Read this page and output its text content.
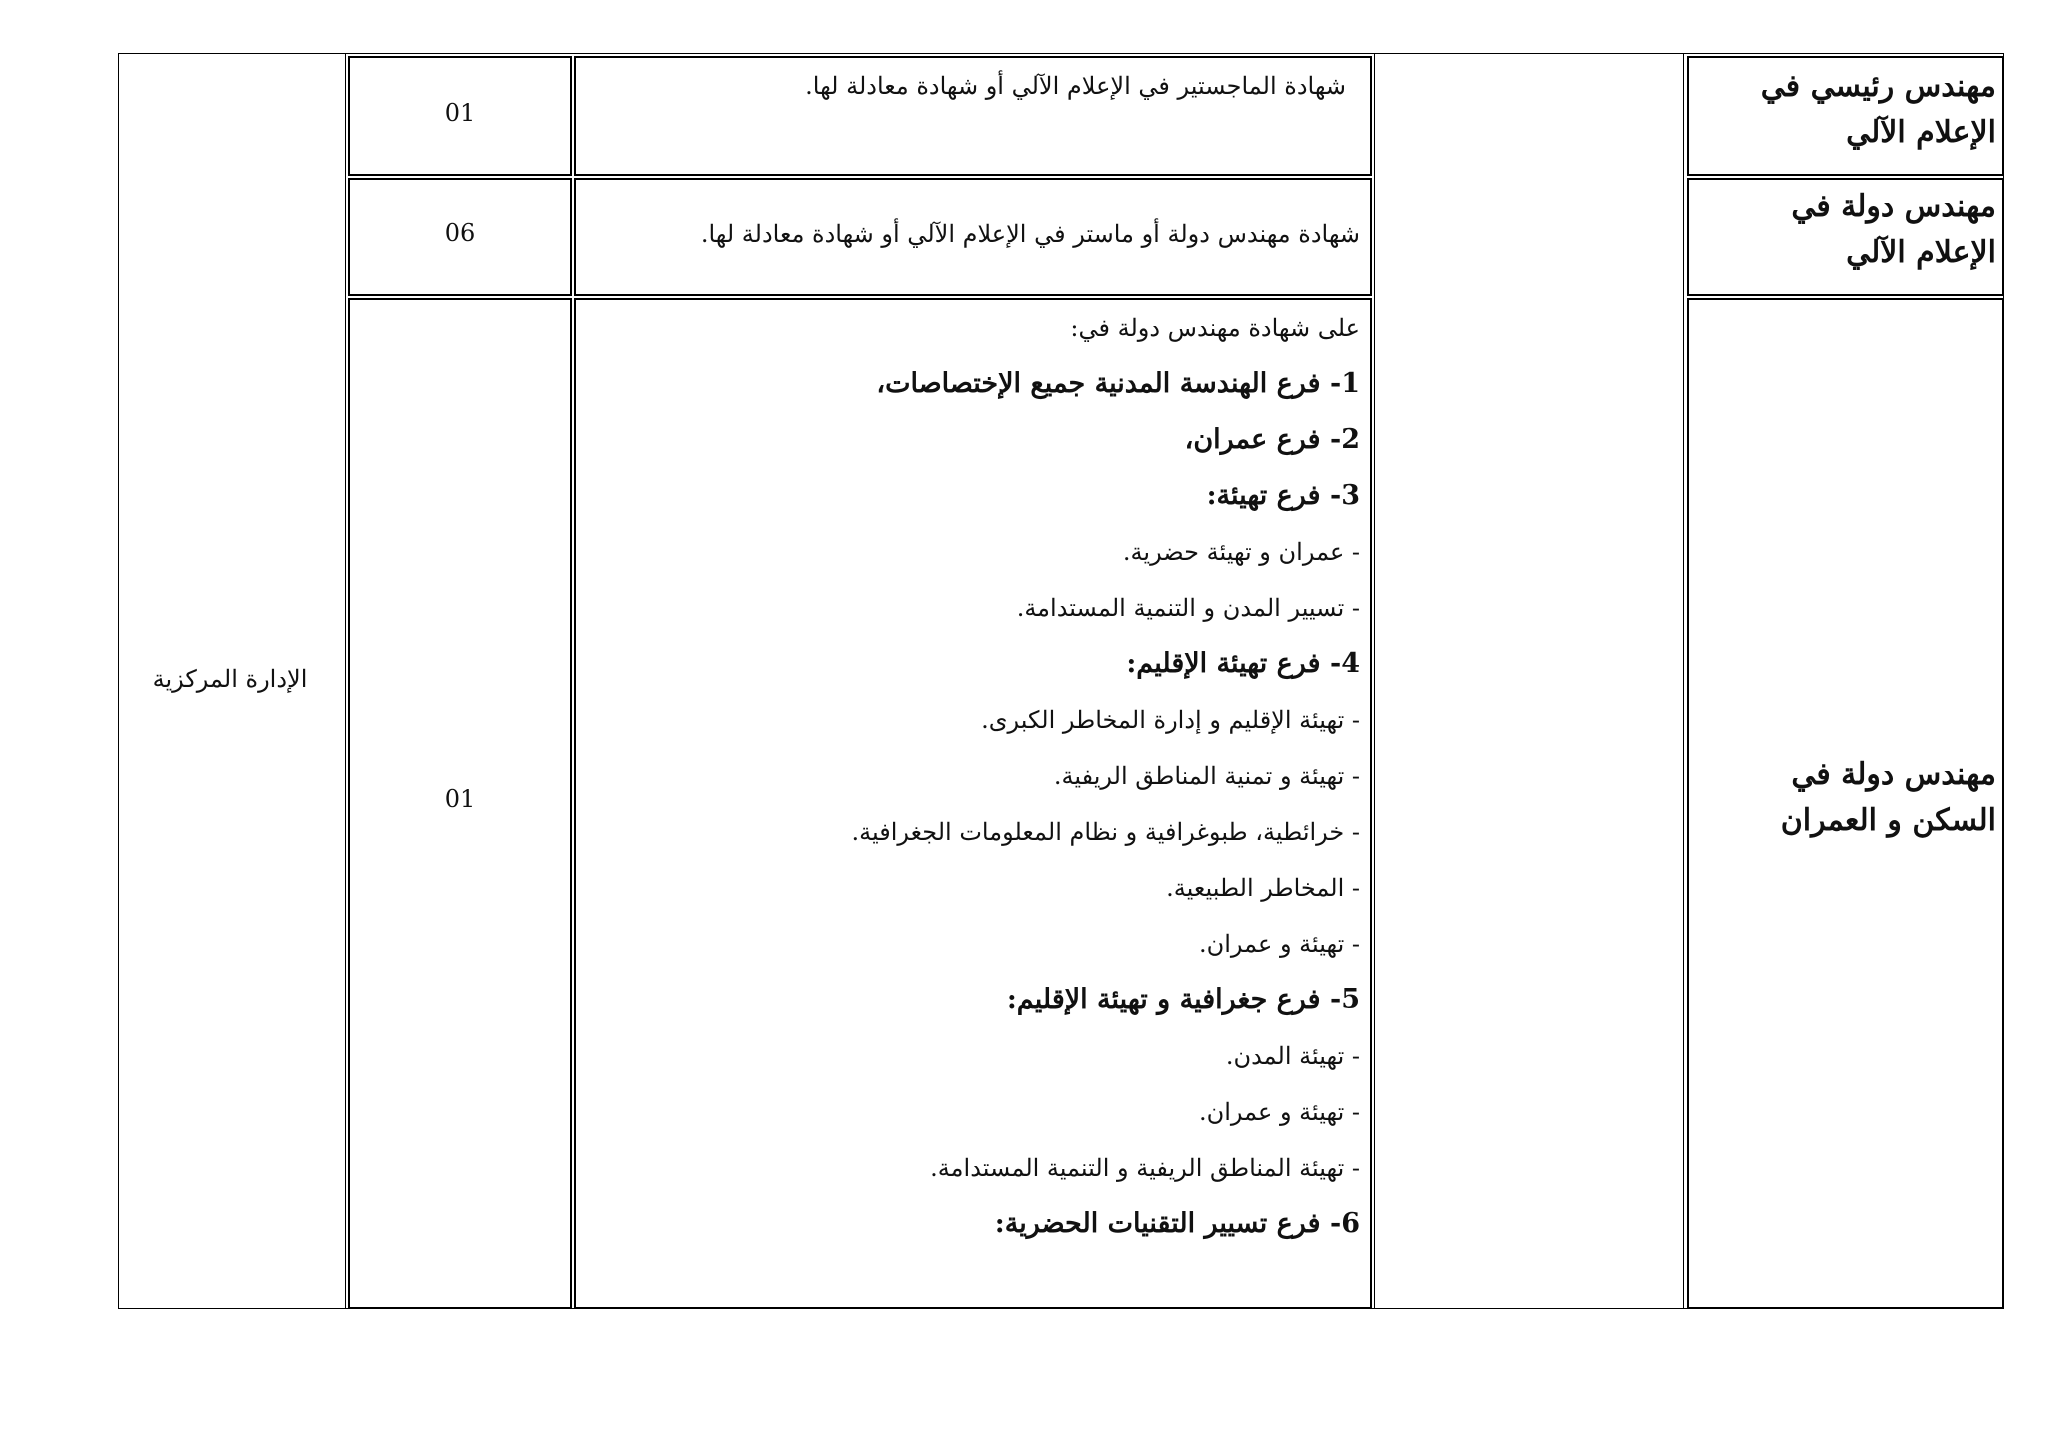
مهندس رئيسي في الإعلام الآلي
شهادة الماجستير في الإعلام الآلي أو شهادة معادلة لها.
01
مهندس دولة في الإعلام الآلي
شهادة مهندس دولة أو ماستر في الإعلام الآلي أو شهادة معادلة لها.
06
مهندس دولة في السكن و العمران
01
على شهادة مهندس دولة في:
1- فرع الهندسة المدنية جميع الإختصاصات،
2- فرع عمران،
3- فرع تهيئة:
- عمران و تهيئة حضرية.
- تسيير المدن و التنمية المستدامة.
4- فرع تهيئة الإقليم:
- تهيئة الإقليم و إدارة المخاطر الكبرى.
- تهيئة و تمنية المناطق الريفية.
- خرائطية، طبوغرافية و نظام المعلومات الجغرافية.
- المخاطر الطبيعية.
- تهيئة و عمران.
5- فرع جغرافية و تهيئة الإقليم:
- تهيئة المدن.
- تهيئة و عمران.
- تهيئة المناطق الريفية و التنمية المستدامة.
6- فرع تسيير التقنيات الحضرية:
الإدارة المركزية
